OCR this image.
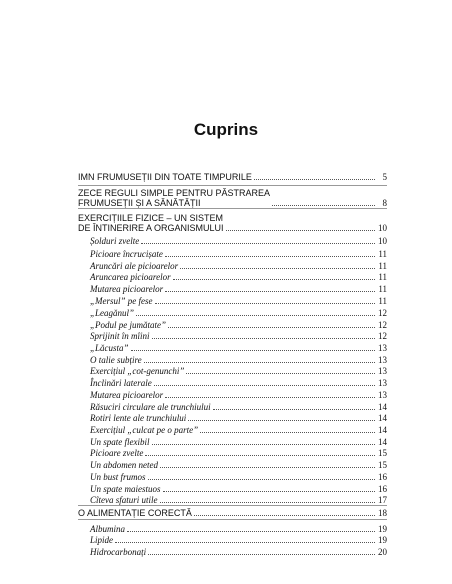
Cuprins
IMN FRUMUSEȚII DIN TOATE TIMPURILE	5
ZECE REGULI SIMPLE PENTRU PĂSTRAREA
FRUMUSEȚII ȘI A SĂNĂTĂȚII	8
EXERCIȚIILE FIZICE – UN SISTEM
DE ÎNTINERIRE A ORGANISMULUI	10
Șolduri zvelte	10
Picioare încrucișate	11
Aruncări ale picioarelor	11
Aruncarea picioarelor	11
Mutarea picioarelor	11
„Mersul” pe fese	11
„Leagănul”	12
„Podul pe jumătate”	12
Sprijinit în mîini	12
„Lăcusta”	13
O talie subțire	13
Exercițiul „cot-genunchi”	13
Înclinări laterale	13
Mutarea picioarelor	13
Răsuciri circulare ale trunchiului	14
Rotiri lente ale trunchiului	14
Exercițiul „culcat pe o parte”	14
Un spate flexibil	14
Picioare zvelte	15
Un abdomen neted	15
Un bust frumos	16
Un spate maiestuos	16
Cîteva sfaturi utile	17
O ALIMENTAȚIE CORECTĂ	18
Albumina	19
Lipide	19
Hidrocarbonați	20
